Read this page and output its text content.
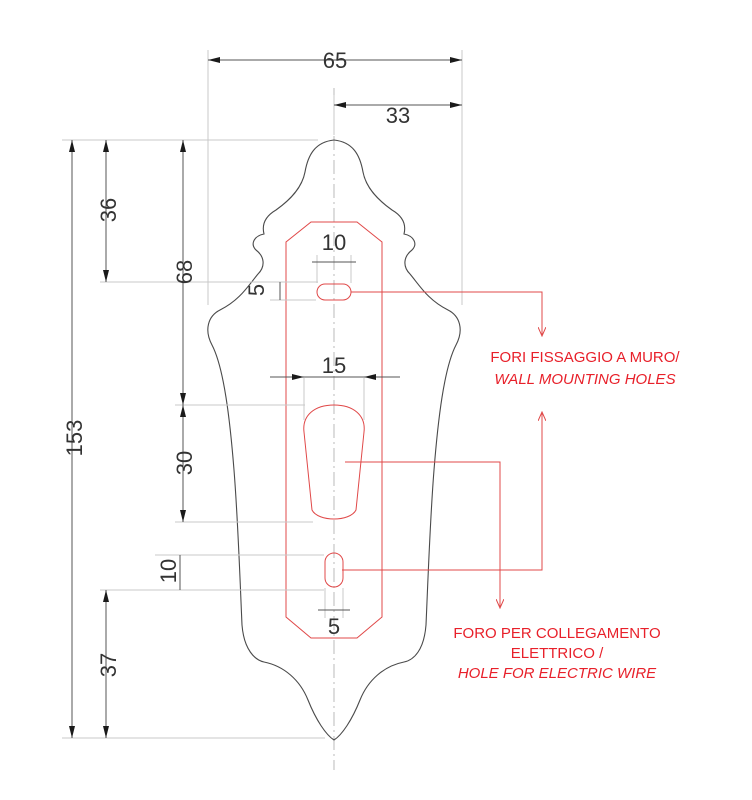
65
33
36
68
153
5
10
15
30
10
5
37
FORI FISSAGGIO A MURO/
WALL MOUNTING HOLES
FORO PER COLLEGAMENTO
ELETTRICO /
HOLE FOR ELECTRIC WIRE
